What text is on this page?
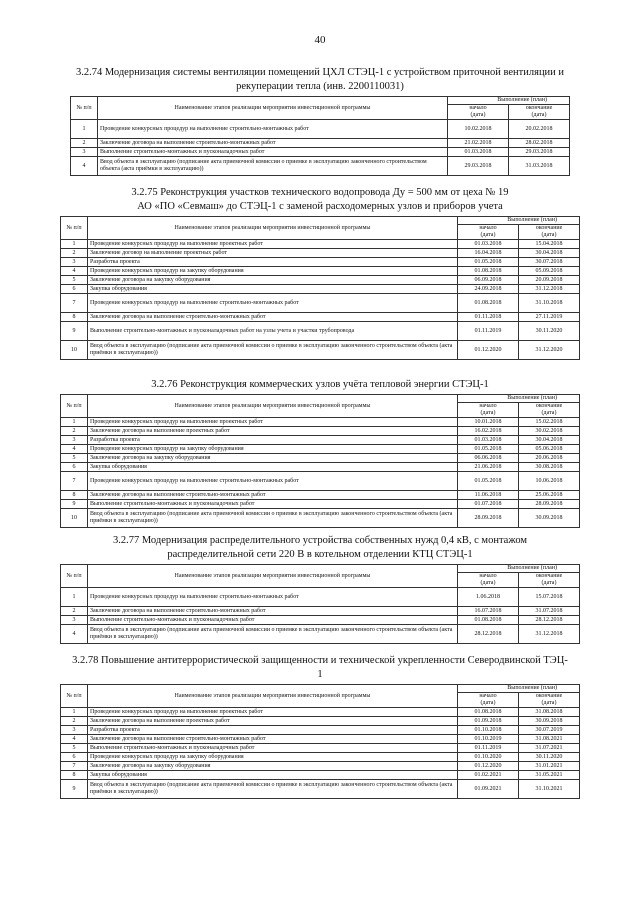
40
3.2.74 Модернизация системы вентиляции помещений ЦХЛ СТЭЦ-1 с устройством приточной вентиляции и
рекуперации тепла (инв. 2200110031)
№ п/п	Наименование этапов реализации мероприятия инвестиционной программы	Выполнение (план)	
		начало	окончание
		(дата)	(дата)
1	Проведение конкурсных процедур на выполнение строительно-монтажных работ	10.02.2018	20.02.2018
2	Заключение договора на выполнение строительно-монтажных работ	21.02.2018	28.02.2018
3	Выполнение строительно-монтажных и пусконаладочных работ	01.03.2018	29.03.2018
4	Ввод объекта в эксплуатацию (подписание акта приемочной комиссии о приемке в эксплуатацию законченного строительством объекта (акта приёмки в эксплуатацию))	29.03.2018	31.03.2018
3.2.75 Реконструкция участков технического водопровода Ду = 500 мм от цеха № 19
АО «ПО «Севмаш» до СТЭЦ-1 с заменой расходомерных узлов и приборов учета
№ п/п	Наименование этапов реализации мероприятия инвестиционной программы	Выполнение (план)	
		начало	окончание
		(дата)	(дата)
1	Проведение конкурсных процедур на выполнение проектных работ	01.03.2018	15.04.2018
2	Заключение договор на выполнение проектных работ	16.04.2018	30.04.2018
3	Разработка проекта	01.05.2018	30.07.2018
4	Проведение конкурсных процедур на закупку оборудования	01.08.2018	05.09.2018
5	Заключение договора на закупку оборудования	06.09.2018	20.09.2018
6	Закупка оборудования	24.09.2018	31.12.2018
7	Проведение конкурсных процедур на выполнение строительно-монтажных работ	01.08.2018	31.10.2018
8	Заключение договора на выполнение строительно-монтажных работ	01.11.2018	27.11.2019
9	Выполнение строительно-монтажных и пусконаладочных работ на узлы учета и участки трубопровода	01.11.2019	30.11.2020
10	Ввод объекта в эксплуатацию (подписание акта приемочной комиссии о приемке в эксплуатацию законченного строительством объекта (акта приёмки в эксплуатацию))	01.12.2020	31.12.2020
3.2.76 Реконструкция коммерческих узлов учёта тепловой энергии СТЭЦ-1
№ п/п	Наименование этапов реализации мероприятия инвестиционной программы	Выполнение (план)	
		начало	окончание
		(дата)	(дата)
1	Проведение конкурсных процедур на выполнение проектных работ	10.01.2018	15.02.2018
2	Заключение договора на выполнение проектных работ	16.02.2018	30.02.2018
3	Разработка проекта	01.03.2018	30.04.2018
4	Проведение конкурсных процедур на закупку оборудования	01.05.2018	05.06.2018
5	Заключение договора на закупку оборудования	06.06.2018	20.06.2018
6	Закупка оборудования	21.06.2018	30.08.2018
7	Проведение конкурсных процедур на выполнение строительно-монтажных работ	01.05.2018	10.06.2018
8	Заключение договора на выполнение строительно-монтажных работ	11.06.2018	25.06.2018
9	Выполнение строительно-монтажных и пусконаладочных работ	01.07.2018	28.09.2018
10	Ввод объекта в эксплуатацию (подписание акта приемочной комиссии о приемке в эксплуатацию законченного строительством объекта (акта приёмки в эксплуатацию))	28.09.2018	30.09.2018
3.2.77 Модернизация распределительного устройства собственных нужд 0,4 кВ, с монтажом
распределительной сети 220 В в котельном отделении КТЦ СТЭЦ-1
№ п/п	Наименование этапов реализации мероприятия инвестиционной программы	Выполнение (план)	
		начало	окончание
		(дата)	(дата)
1	Проведение конкурсных процедур на выполнение строительно-монтажных работ	1.06.2018	15.07.2018
2	Заключение договора на выполнение строительно-монтажных работ	16.07.2018	31.07.2018
3	Выполнение строительно-монтажных и пусконаладочных работ	01.08.2018	28.12.2018
4	Ввод объекта в эксплуатацию (подписание акта приемочной комиссии о приемке в эксплуатацию законченного строительством объекта (акта приёмки в эксплуатацию))	28.12.2018	31.12.2018
3.2.78 Повышение антитеррористической защищенности и технической укрепленности Северодвинской ТЭЦ-
1
№ п/п	Наименование этапов реализации мероприятия инвестиционной программы	Выполнение (план)	
		начало	окончание
		(дата)	(дата)
1	Проведение конкурсных процедур на выполнение проектных работ	01.08.2018	31.08.2018
2	Заключение договора на выполнение проектных работ	01.09.2018	30.09.2018
3	Разработка проекта	01.10.2018	30.07.2019
4	Заключение договора на выполнение строительно-монтажных работ	01.10.2019	31.08.2021
5	Выполнение строительно-монтажных и пусконаладочных работ	01.11.2019	31.07.2021
6	Проведение конкурсных процедур на закупку оборудования	01.10.2020	30.11.2020
7	Заключение договора на закупку оборудования	01.12.2020	31.01.2021
8	Закупка оборудования	01.02.2021	31.05.2021
9	Ввод объекта в эксплуатацию (подписание акта приемочной комиссии о приемке в эксплуатацию законченного строительством объекта (акта приёмки в эксплуатацию))	01.09.2021	31.10.2021
